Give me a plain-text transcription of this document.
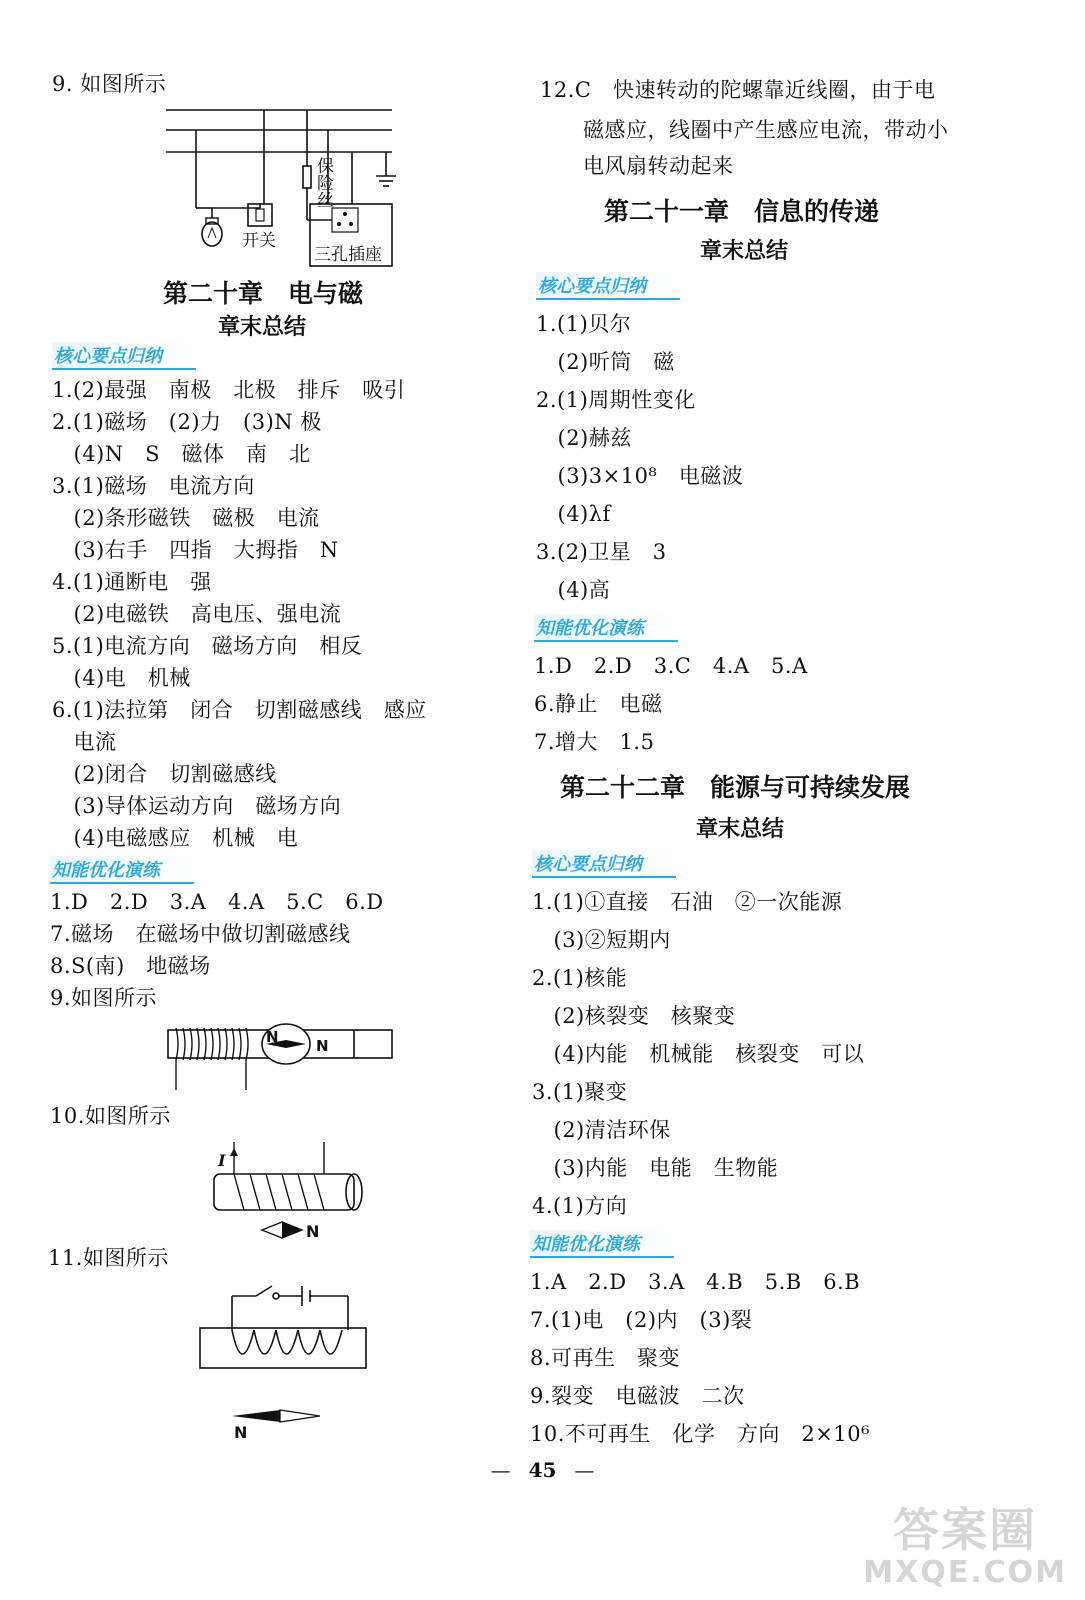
9. 如图所示
开关
保险丝
三孔插座
第二十章　电与磁
章末总结
核心要点归纳
1.(2)最强　南极　北极　排斥　吸引
2.(1)磁场　(2)力　(3)N 极
　(4)N　S　磁体　南　北
3.(1)磁场　电流方向
　(2)条形磁铁　磁极　电流
　(3)右手　四指　大拇指　N
4.(1)通断电　强
　(2)电磁铁　高电压、强电流
5.(1)电流方向　磁场方向　相反
　(4)电　机械
6.(1)法拉第　闭合　切割磁感线　感应
　电流
　(2)闭合　切割磁感线
　(3)导体运动方向　磁场方向
　(4)电磁感应　机械　电
知能优化演练
1.D　2.D　3.A　4.A　5.C　6.D
7.磁场　在磁场中做切割磁感线
8.S(南)　地磁场
9.如图所示
N N
10.如图所示
I
N
11.如图所示
N
12.C　快速转动的陀螺靠近线圈，由于电
　　磁感应，线圈中产生感应电流，带动小
　　电风扇转动起来
第二十一章　信息的传递
章末总结
核心要点归纳
1.(1)贝尔
　(2)听筒　磁
2.(1)周期性变化
　(2)赫兹
　(3)3×10⁸　电磁波
　(4)λf
3.(2)卫星　3
　(4)高
知能优化演练
1.D　2.D　3.C　4.A　5.A
6.静止　电磁
7.增大　1.5
第二十二章　能源与可持续发展
章末总结
核心要点归纳
1.(1)①直接　石油　②一次能源
　(3)②短期内
2.(1)核能
　(2)核裂变　核聚变
　(4)内能　机械能　核裂变　可以
3.(1)聚变
　(2)清洁环保
　(3)内能　电能　生物能
4.(1)方向
知能优化演练
1.A　2.D　3.A　4.B　5.B　6.B
7.(1)电　(2)内　(3)裂
8.可再生　聚变
9.裂变　电磁波　二次
10.不可再生　化学　方向　2×10⁶
— 45 —
答案圈
MXQE.COM
